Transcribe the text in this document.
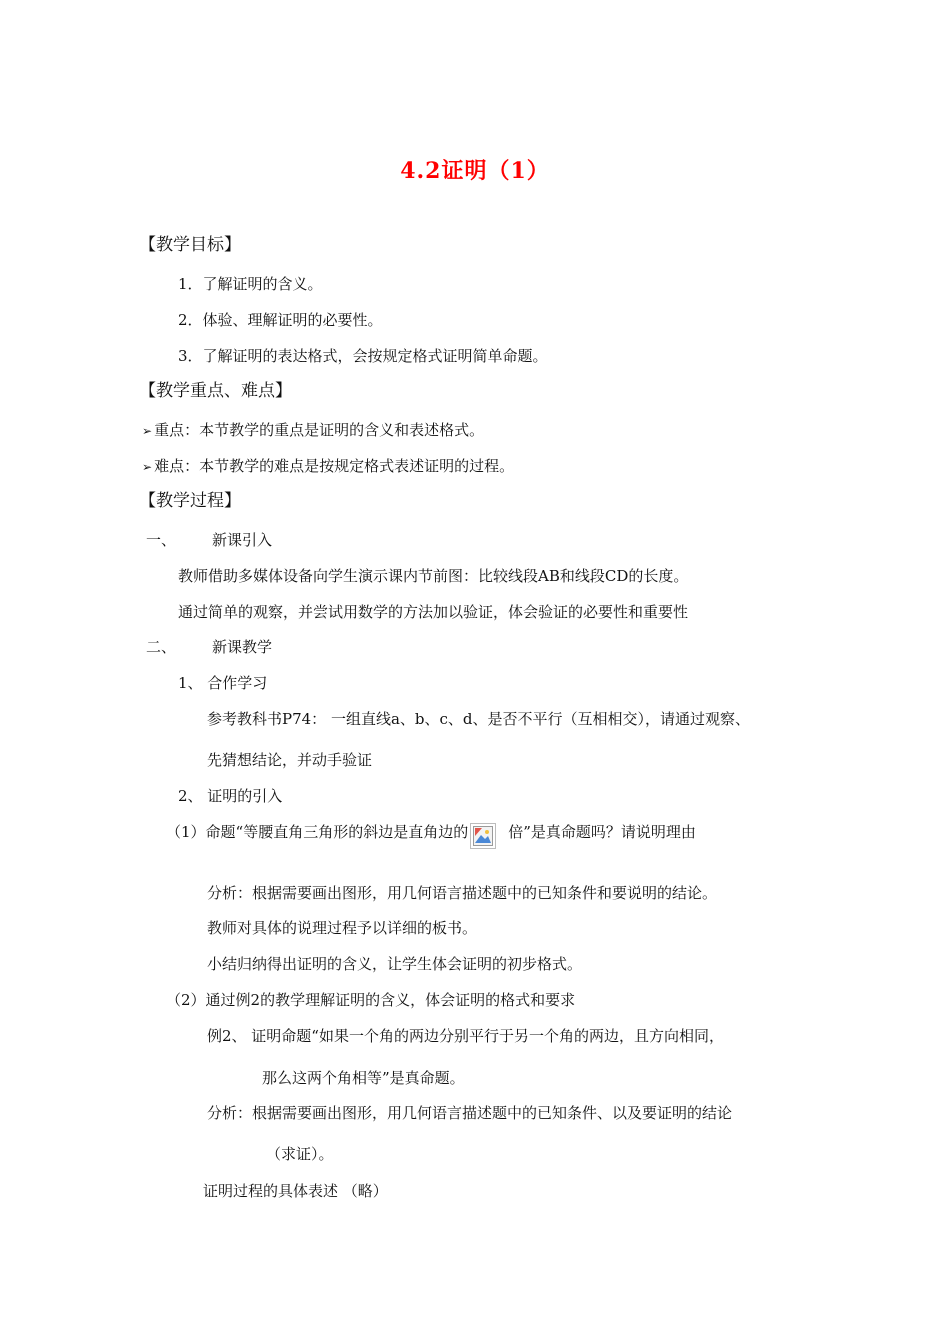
4.2证明（1）
【教学目标】
1．了解证明的含义。
2．体验、理解证明的必要性。
3．了解证明的表达格式，会按规定格式证明简单命题。
【教学重点、难点】
➢ 重点：本节教学的重点是证明的含义和表述格式。
➢ 难点：本节教学的难点是按规定格式表述证明的过程。
【教学过程】
一、 新课引入
教师借助多媒体设备向学生演示课内节前图：比较线段AB和线段CD的长度。
通过简单的观察，并尝试用数学的方法加以验证，体会验证的必要性和重要性
二、 新课教学
1、 合作学习
参考教科书P74： 一组直线a、b、c、d、是否不平行（互相相交），请通过观察、
先猜想结论，并动手验证
2、 证明的引入
（1）命题“等腰直角三角形的斜边是直角边的	倍”是真命题吗？请说明理由
分析：根据需要画出图形，用几何语言描述题中的已知条件和要说明的结论。
教师对具体的说理过程予以详细的板书。
小结归纳得出证明的含义，让学生体会证明的初步格式。
（2）通过例2的教学理解证明的含义，体会证明的格式和要求
例2、 证明命题“如果一个角的两边分别平行于另一个角的两边，且方向相同，
那么这两个角相等”是真命题。
分析：根据需要画出图形，用几何语言描述题中的已知条件、以及要证明的结论
（求证）。
证明过程的具体表述 （略）
